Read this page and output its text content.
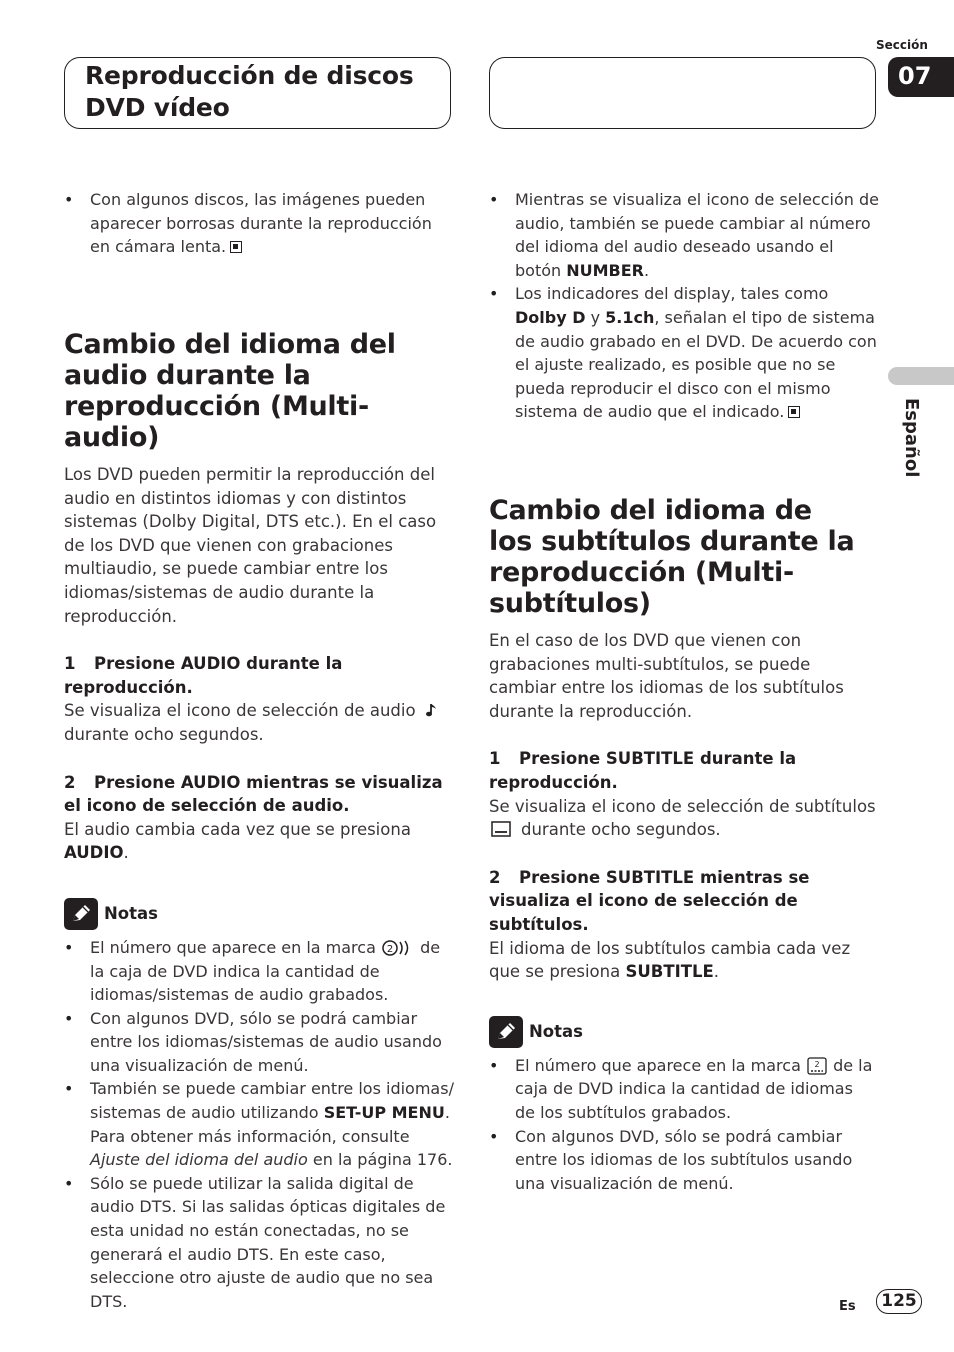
Reproducción de discos DVD vídeo
Sección
07
Español
• Con algunos discos, las imágenes pueden aparecer borrosas durante la reproducción en cámara lenta.
Cambio del idioma del audio durante la reproducción (Multi-audio)

Los DVD pueden permitir la reproducción del audio en distintos idiomas y con distintos sistemas (Dolby Digital, DTS etc.). En el caso de los DVD que vienen con grabaciones multiaudio, se puede cambiar entre los idiomas/sistemas de audio durante la reproducción.

1 Presione AUDIO durante la reproducción.

Se visualiza el icono de selección de audio
durante ocho segundos.

2 Presione AUDIO mientras se visualiza el icono de selección de audio.

El audio cambia cada vez que se presiona
AUDIO.

Notas
• El número que aparece en la marca 2 de la caja de DVD indica la cantidad de idiomas/sistemas de audio grabados.
• Con algunos DVD, sólo se podrá cambiar entre los idiomas/sistemas de audio usando una visualización de menú.
• También se puede cambiar entre los idiomas/ sistemas de audio utilizando SET-UP MENU. Para obtener más información, consulte Ajuste del idioma del audio en la página 176.
• Sólo se puede utilizar la salida digital de audio DTS. Si las salidas ópticas digitales de esta unidad no están conectadas, no se generará el audio DTS. En este caso, seleccione otro ajuste de audio que no sea DTS.
• Mientras se visualiza el icono de selección de audio, también se puede cambiar al número del idioma del audio deseado usando el botón NUMBER.
• Los indicadores del display, tales como Dolby D y 5.1ch, señalan el tipo de sistema de audio grabado en el DVD. De acuerdo con el ajuste realizado, es posible que no se pueda reproducir el disco con el mismo sistema de audio que el indicado.
Cambio del idioma de los subtítulos durante la reproducción (Multi-subtítulos)

En el caso de los DVD que vienen con grabaciones multi-subtítulos, se puede cambiar entre los idiomas de los subtítulos durante la reproducción.

1 Presione SUBTITLE durante la reproducción.

Se visualiza el icono de selección de subtítulos
durante ocho segundos.

2 Presione SUBTITLE mientras se visualiza el icono de selección de subtítulos.

El idioma de los subtítulos cambia cada vez que se presiona SUBTITLE.

Notas
• El número que aparece en la marca 2 de la caja de DVD indica la cantidad de idiomas de los subtítulos grabados.
• Con algunos DVD, sólo se podrá cambiar entre los idiomas de los subtítulos usando una visualización de menú.
Es	125
